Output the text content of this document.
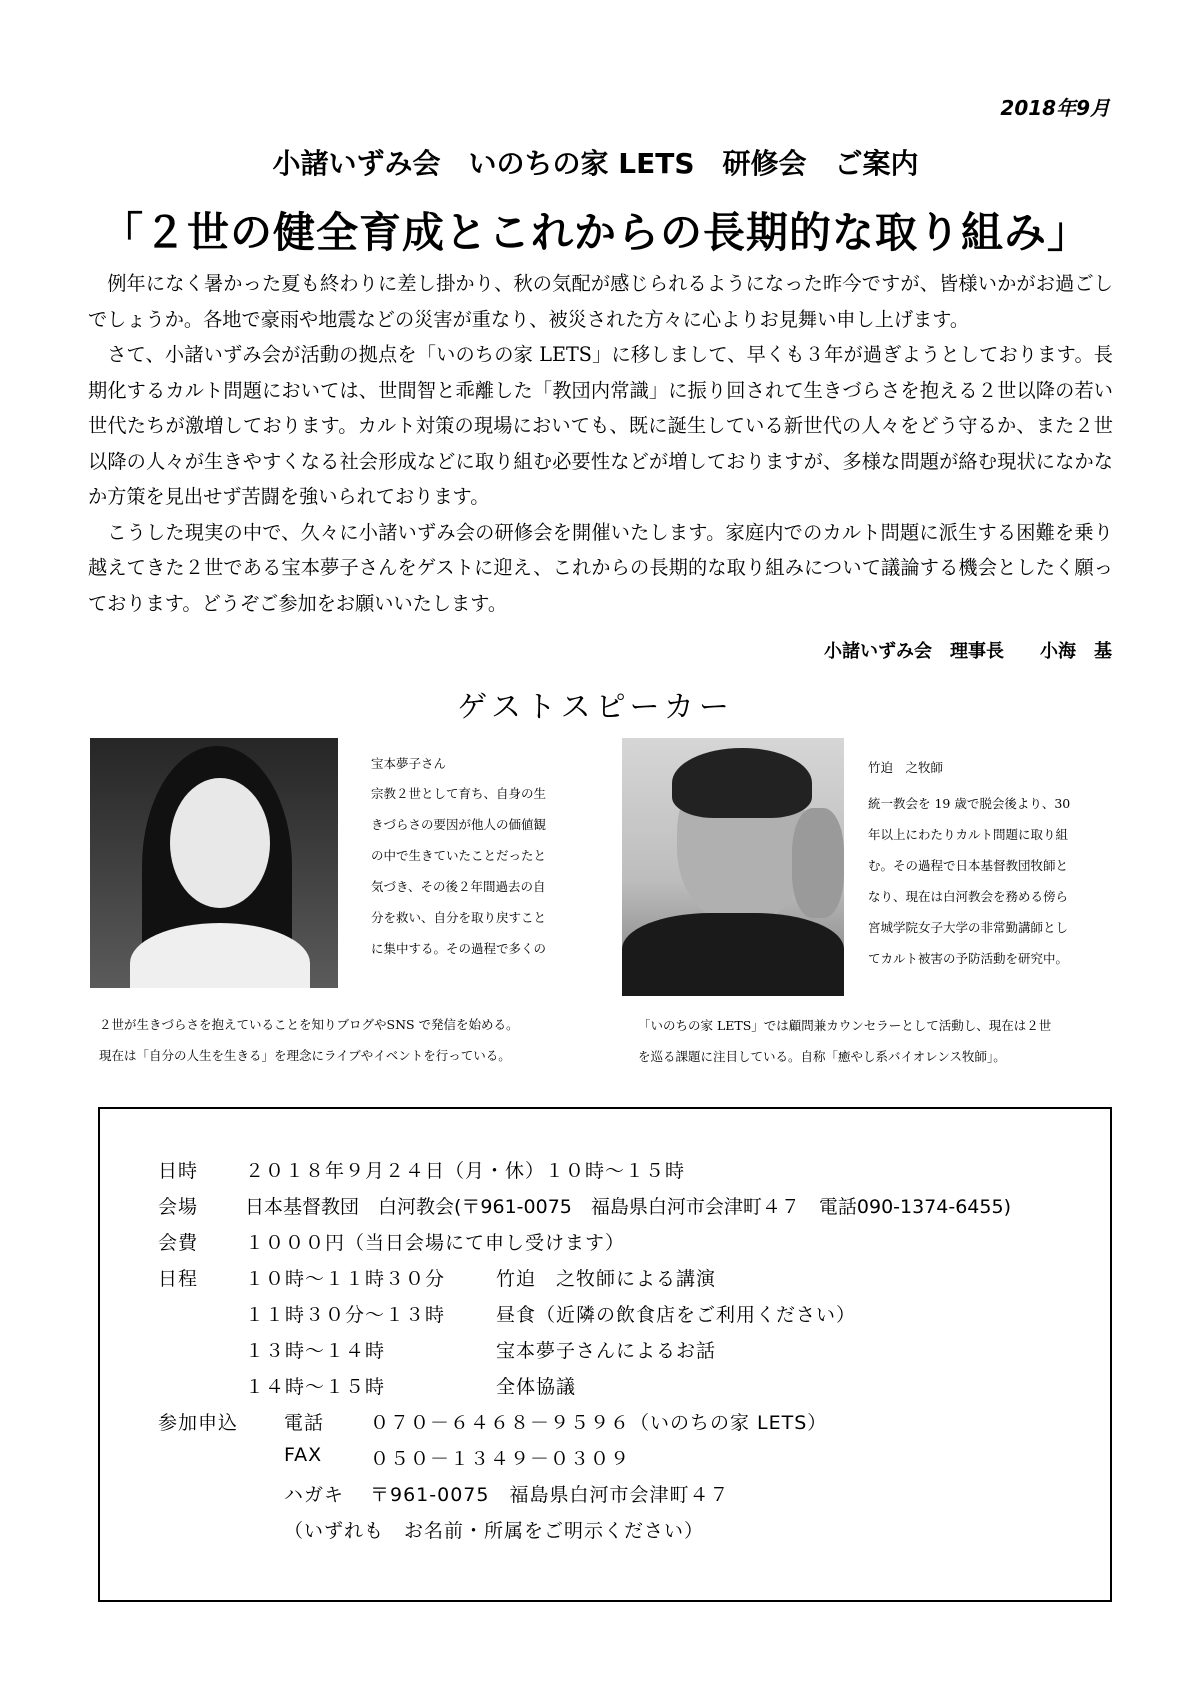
2018年9月
小諸いずみ会　いのちの家 LETS　研修会　ご案内
「２世の健全育成とこれからの長期的な取り組み」

例年になく暑かった夏も終わりに差し掛かり、秋の気配が感じられるようになった昨今ですが、皆様いかがお過ごしでしょうか。各地で豪雨や地震などの災害が重なり、被災された方々に心よりお見舞い申し上げます。

さて、小諸いずみ会が活動の拠点を「いのちの家 LETS」に移しまして、早くも３年が過ぎようとしております。長期化するカルト問題においては、世間智と乖離した「教団内常識」に振り回されて生きづらさを抱える２世以降の若い世代たちが激増しております。カルト対策の現場においても、既に誕生している新世代の人々をどう守るか、また２世以降の人々が生きやすくなる社会形成などに取り組む必要性などが増しておりますが、多様な問題が絡む現状になかなか方策を見出せず苦闘を強いられております。

こうした現実の中で、久々に小諸いずみ会の研修会を開催いたします。家庭内でのカルト問題に派生する困難を乗り越えてきた２世である宝本夢子さんをゲストに迎え、これからの長期的な取り組みについて議論する機会としたく願っております。どうぞご参加をお願いいたします。

小諸いずみ会　理事長　　小海　基
ゲストスピーカー
宝本夢子さん
宗教２世として育ち、自身の生
きづらさの要因が他人の価値観
の中で生きていたことだったと
気づき、その後２年間過去の自
分を救い、自分を取り戻すこと
に集中する。その過程で多くの
２世が生きづらさを抱えていることを知りブログやSNS で発信を始める。
現在は「自分の人生を生きる」を理念にライブやイベントを行っている。
竹迫　之牧師
統一教会を 19 歳で脱会後より、30
年以上にわたりカルト問題に取り組
む。その過程で日本基督教団牧師と
なり、現在は白河教会を務める傍ら
宮城学院女子大学の非常勤講師とし
てカルト被害の予防活動を研究中。
「いのちの家 LETS」では顧問兼カウンセラーとして活動し、現在は２世
を巡る課題に注目している。自称「癒やし系バイオレンス牧師」。
日時 ２０１８年９月２４日（月・休）１０時～１５時
会場 日本基督教団　白河教会(〒961-0075　福島県白河市会津町４７　電話090-1374-6455)
会費 １０００円（当日会場にて申し受けます）
日程 １０時～１１時３０分	竹迫　之牧師による講演
１１時３０分～１３時	昼食（近隣の飲食店をご利用ください）
１３時～１４時	宝本夢子さんによるお話
１４時～１５時	全体協議
参加申込 電話 ０７０－６４６８－９５９６（いのちの家 LETS）
FAX	０５０－１３４９－０３０９
ハガキ 〒961-0075　福島県白河市会津町４７
（いずれも　お名前・所属をご明示ください）
